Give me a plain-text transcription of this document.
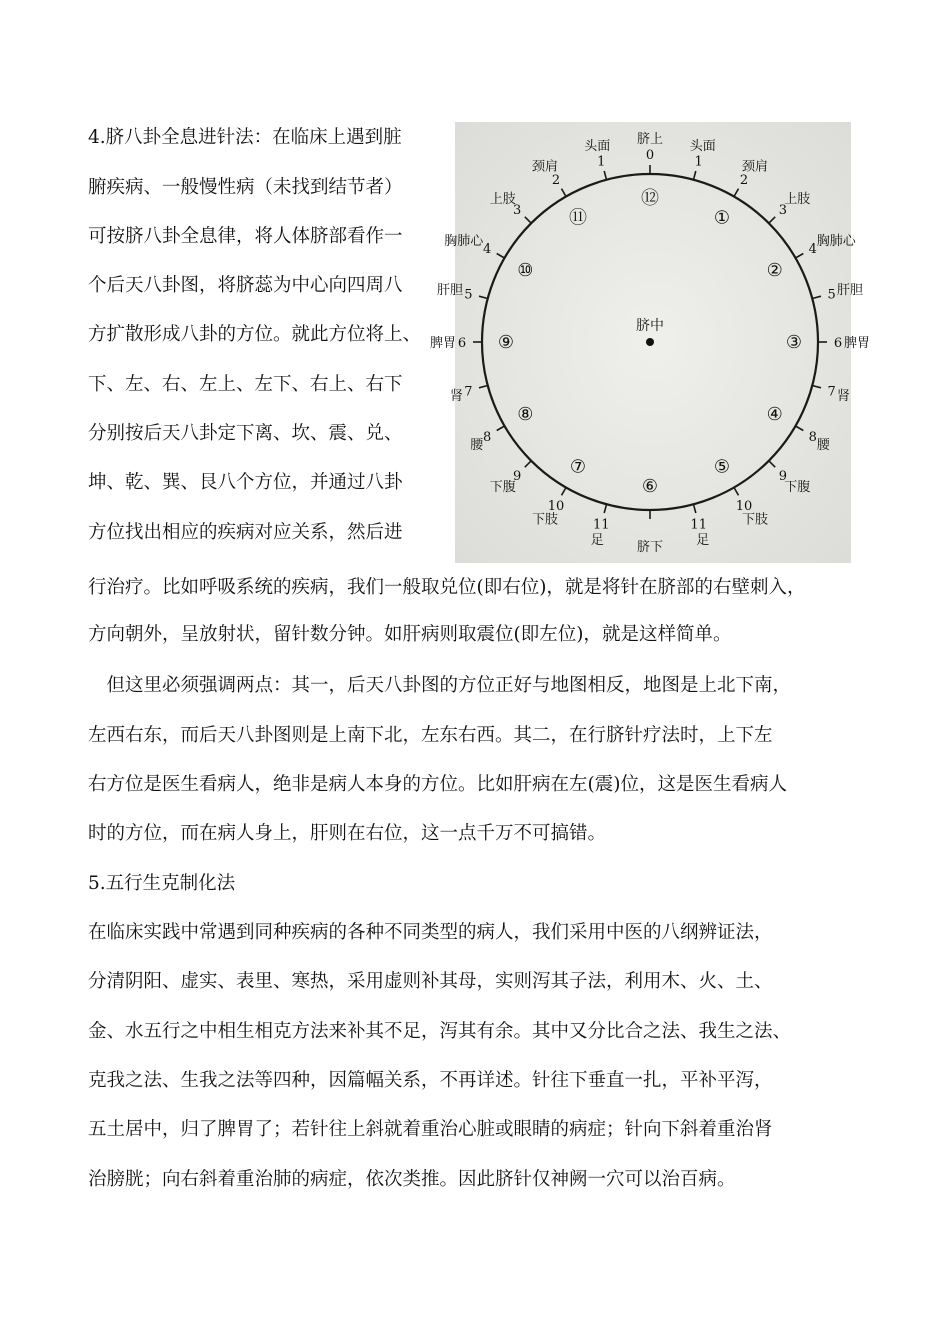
4.脐八卦全息进针法：在临床上遇到脏
腑疾病、一般慢性病（未找到结节者）
可按脐八卦全息律，将人体脐部看作一
个后天八卦图，将脐蕊为中心向四周八
方扩散形成八卦的方位。就此方位将上、
下、左、右、左上、左下、右上、右下
分别按后天八卦定下离、坎、震、兑、
坤、乾、巽、艮八个方位，并通过八卦
方位找出相应的疾病对应关系，然后进
脐中
⑫
①
②
③
④
⑤
⑥
⑦
⑧
⑨
⑩
⑪
0
脐上
1
头面
2
颈肩
3
上肢
4
胸肺心
5 肝胆
6 脾胃
7 肾
8
腰
9
下腹
10
下肢
11
足
脐下
11
足
10
下肢
9
下腹
8
腰
7
肾
6
脾胃
5
肝胆
4
胸肺心
3
上肢
2
颈肩	1
头面
行治疗。比如呼吸系统的疾病，我们一般取兑位(即右位)，就是将针在脐部的右壁刺入，
方向朝外，呈放射状，留针数分钟。如肝病则取震位(即左位)，就是这样简单。
　但这里必须强调两点：其一，后天八卦图的方位正好与地图相反，地图是上北下南，
左西右东，而后天八卦图则是上南下北，左东右西。其二，在行脐针疗法时，上下左
右方位是医生看病人，绝非是病人本身的方位。比如肝病在左(震)位，这是医生看病人
时的方位，而在病人身上，肝则在右位，这一点千万不可搞错。
5.五行生克制化法
在临床实践中常遇到同种疾病的各种不同类型的病人，我们采用中医的八纲辨证法，
分清阴阳、虚实、表里、寒热，采用虚则补其母，实则泻其子法，利用木、火、土、
金、水五行之中相生相克方法来补其不足，泻其有余。其中又分比合之法、我生之法、
克我之法、生我之法等四种，因篇幅关系，不再详述。针往下垂直一扎，平补平泻，
五土居中，归了脾胃了；若针往上斜就着重治心脏或眼睛的病症；针向下斜着重治肾
治膀胱；向右斜着重治肺的病症，依次类推。因此脐针仅神阙一穴可以治百病。
